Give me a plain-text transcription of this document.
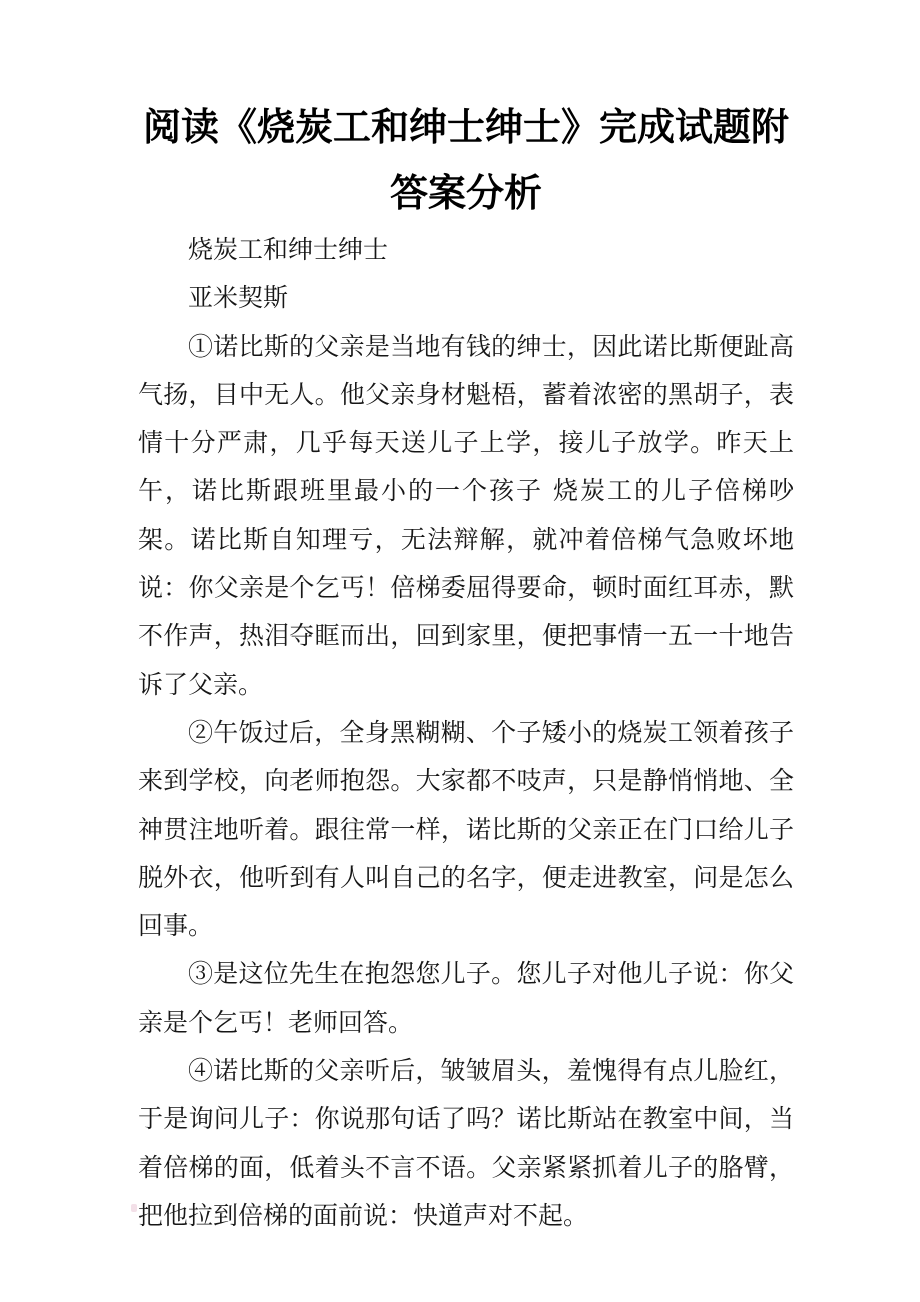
阅读《烧炭工和绅士绅士》完成试题附答案分析

烧炭工和绅士绅士

亚米契斯

①诺比斯的父亲是当地有钱的绅士，因此诺比斯便趾高气扬，目中无人。他父亲身材魁梧，蓄着浓密的黑胡子，表情十分严肃，几乎每天送儿子上学，接儿子放学。昨天上午，诺比斯跟班里最小的一个孩子 烧炭工的儿子倍梯吵架。诺比斯自知理亏，无法辩解，就冲着倍梯气急败坏地说：你父亲是个乞丐！倍梯委屈得要命，顿时面红耳赤，默不作声，热泪夺眶而出，回到家里，便把事情一五一十地告诉了父亲。

②午饭过后，全身黑糊糊、个子矮小的烧炭工领着孩子来到学校，向老师抱怨。大家都不吱声，只是静悄悄地、全神贯注地听着。跟往常一样，诺比斯的父亲正在门口给儿子脱外衣，他听到有人叫自己的名字，便走进教室，问是怎么回事。

③是这位先生在抱怨您儿子。您儿子对他儿子说：你父亲是个乞丐！老师回答。

④诺比斯的父亲听后，皱皱眉头，羞愧得有点儿脸红，于是询问儿子：你说那句话了吗？诺比斯站在教室中间，当着倍梯的面，低着头不言不语。父亲紧紧抓着儿子的胳臂，把他拉到倍梯的面前说：快道声对不起。
